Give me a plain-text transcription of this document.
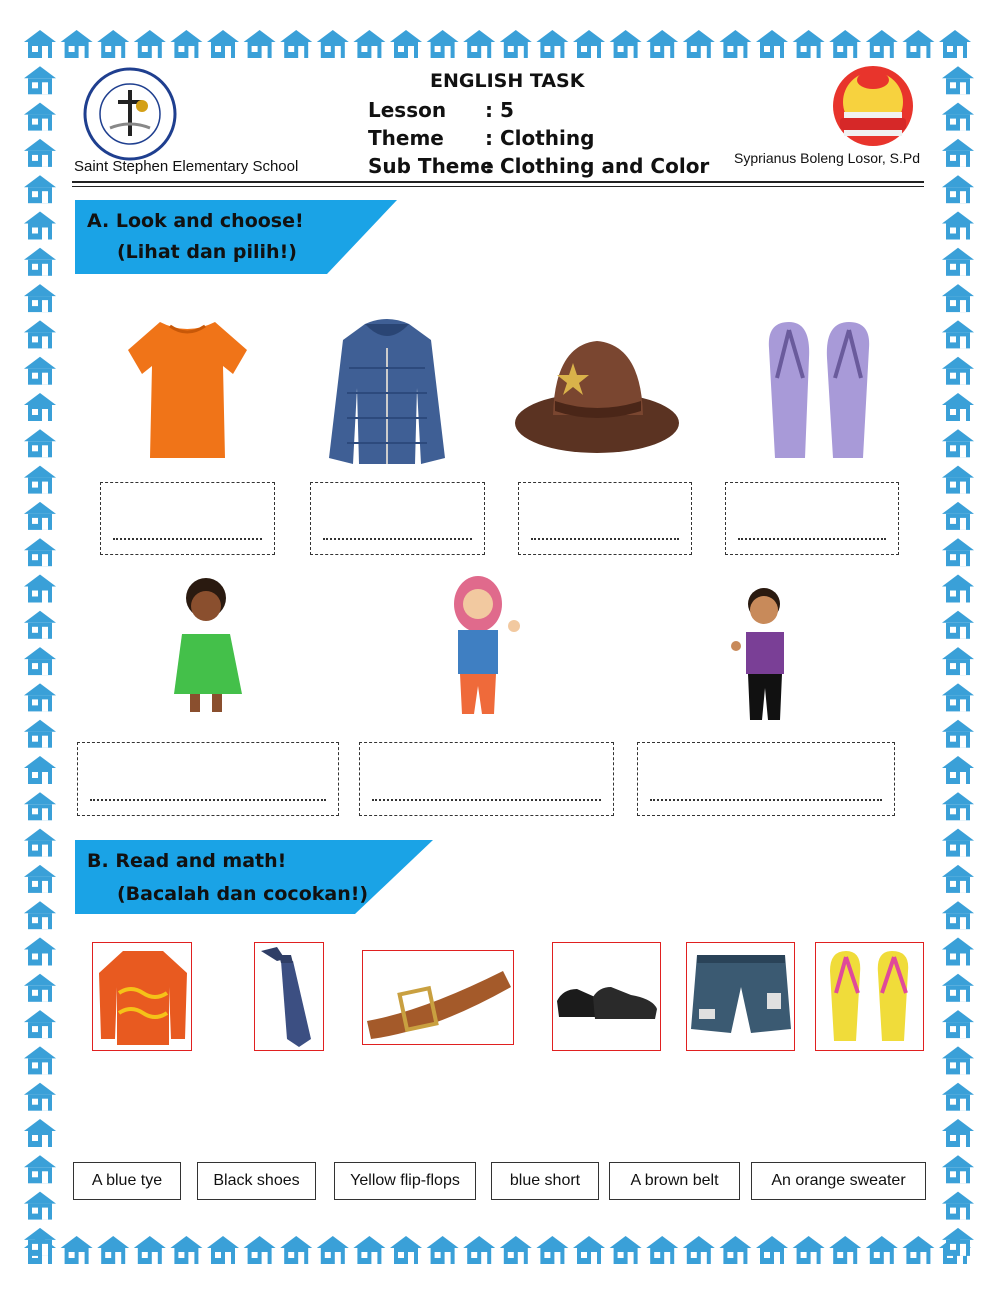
Saint Stephen Elementary School
ENGLISH TASK
Lesson : 5
Theme : Clothing
Sub Theme
: Clothing and Color Syprianus Boleng Losor, S.Pd
A. Look and choose!
(Lihat dan pilih!)
B. Read and math!
(Bacalah dan cocokan!)
A blue tye	Black shoes	Yellow flip-flops	blue short	A brown belt	An orange sweater
